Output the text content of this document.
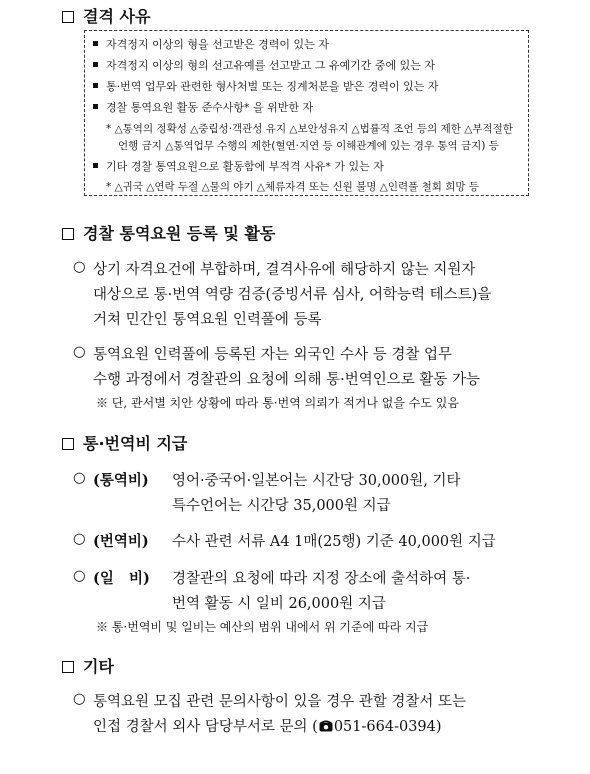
결격 사유
자격정지 이상의 형을 선고받은 경력이 있는 자
자격정지 이상의 형의 선고유예를 선고받고 그 유예기간 중에 있는 자
통·번역 업무와 관련한 형사처벌 또는 징계처분을 받은 경력이 있는 자
경찰 통역요원 활동 준수사항* 을 위반한 자
* △통역의 정확성 △중립성·객관성 유지 △보안성유지 △법률적 조언 등의 제한 △부적절한
언행 금지 △통역업무 수행의 제한(혈연·지연 등 이해관계에 있는 경우 통역 금지) 등
기타 경찰 통역요원으로 활동함에 부적격 사유* 가 있는 자
* △귀국 △연락 두절 △물의 야기 △체류자격 또는 신원 불명 △인력풀 철회 희망 등
경찰 통역요원 등록 및 활동
○ 상기 자격요건에 부합하며, 결격사유에 해당하지 않는 지원자
대상으로 통·번역 역량 검증(증빙서류 심사, 어학능력 테스트)을
거쳐 민간인 통역요원 인력풀에 등록
○ 통역요원 인력풀에 등록된 자는 외국인 수사 등 경찰 업무
수행 과정에서 경찰관의 요청에 의해 통·번역인으로 활동 가능
※ 단, 관서별 치안 상황에 따라 통·번역 의뢰가 적거나 없을 수도 있음
통·번역비 지급
○ (통역비) 영어·중국어·일본어는 시간당 30,000원, 기타
특수언어는 시간당 35,000원 지급
○ (번역비) 수사 관련 서류 A4 1매(25행) 기준 40,000원 지급
○ (일   비) 경찰관의 요청에 따라 지정 장소에 출석하여 통·
번역 활동 시 일비 26,000원 지급
※ 통·번역비 및 일비는 예산의 범위 내에서 위 기준에 따라 지급
기타
○ 통역요원 모집 관련 문의사항이 있을 경우 관할 경찰서 또는
인접 경찰서 외사 담당부서로 문의 ( 051-664-0394)
